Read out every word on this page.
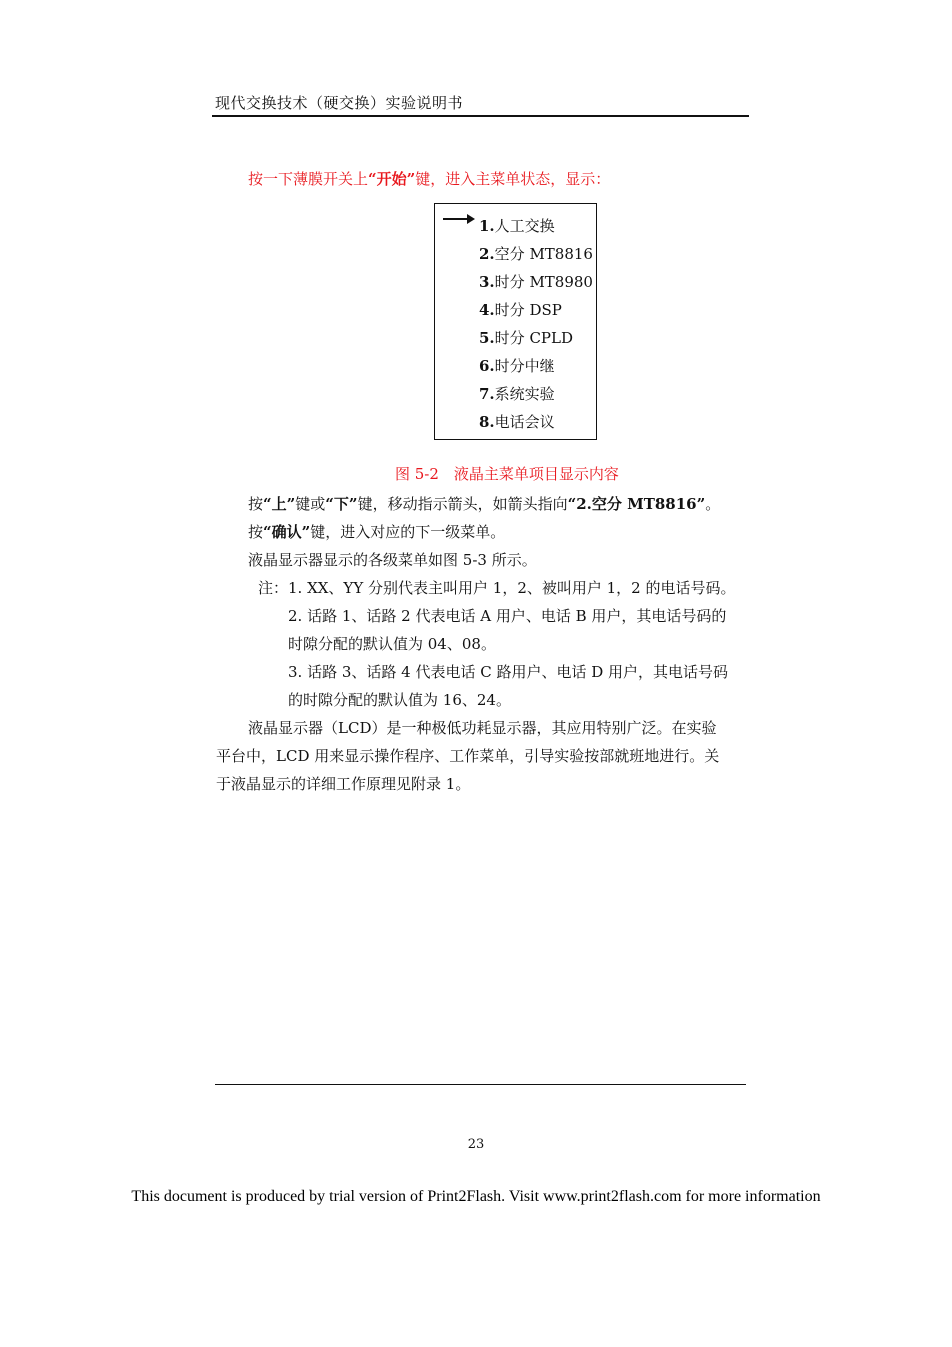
现代交换技术（硬交换）实验说明书
按一下薄膜开关上“开始”键，进入主菜单状态，显示：
1.人工交换
2.空分 MT8816
3.时分 MT8980
4.时分 DSP
5.时分 CPLD
6.时分中继
7.系统实验
8.电话会议
图 5-2　液晶主菜单项目显示内容
按“上”键或“下”键，移动指示箭头，如箭头指向“2.空分 MT8816”。
按“确认”键，进入对应的下一级菜单。
液晶显示器显示的各级菜单如图 5-3 所示。
注：1. XX、YY 分别代表主叫用户 1，2、被叫用户 1，2 的电话号码。
2. 话路 1、话路 2 代表电话 A 用户、电话 B 用户，其电话号码的
时隙分配的默认值为 04、08。
3. 话路 3、话路 4 代表电话 C 路用户、电话 D 用户，其电话号码
的时隙分配的默认值为 16、24。
液晶显示器（LCD）是一种极低功耗显示器，其应用特别广泛。在实验
平台中，LCD 用来显示操作程序、工作菜单，引导实验按部就班地进行。关
于液晶显示的详细工作原理见附录 1。
23
This document is produced by trial version of Print2Flash. Visit www.print2flash.com for more information
